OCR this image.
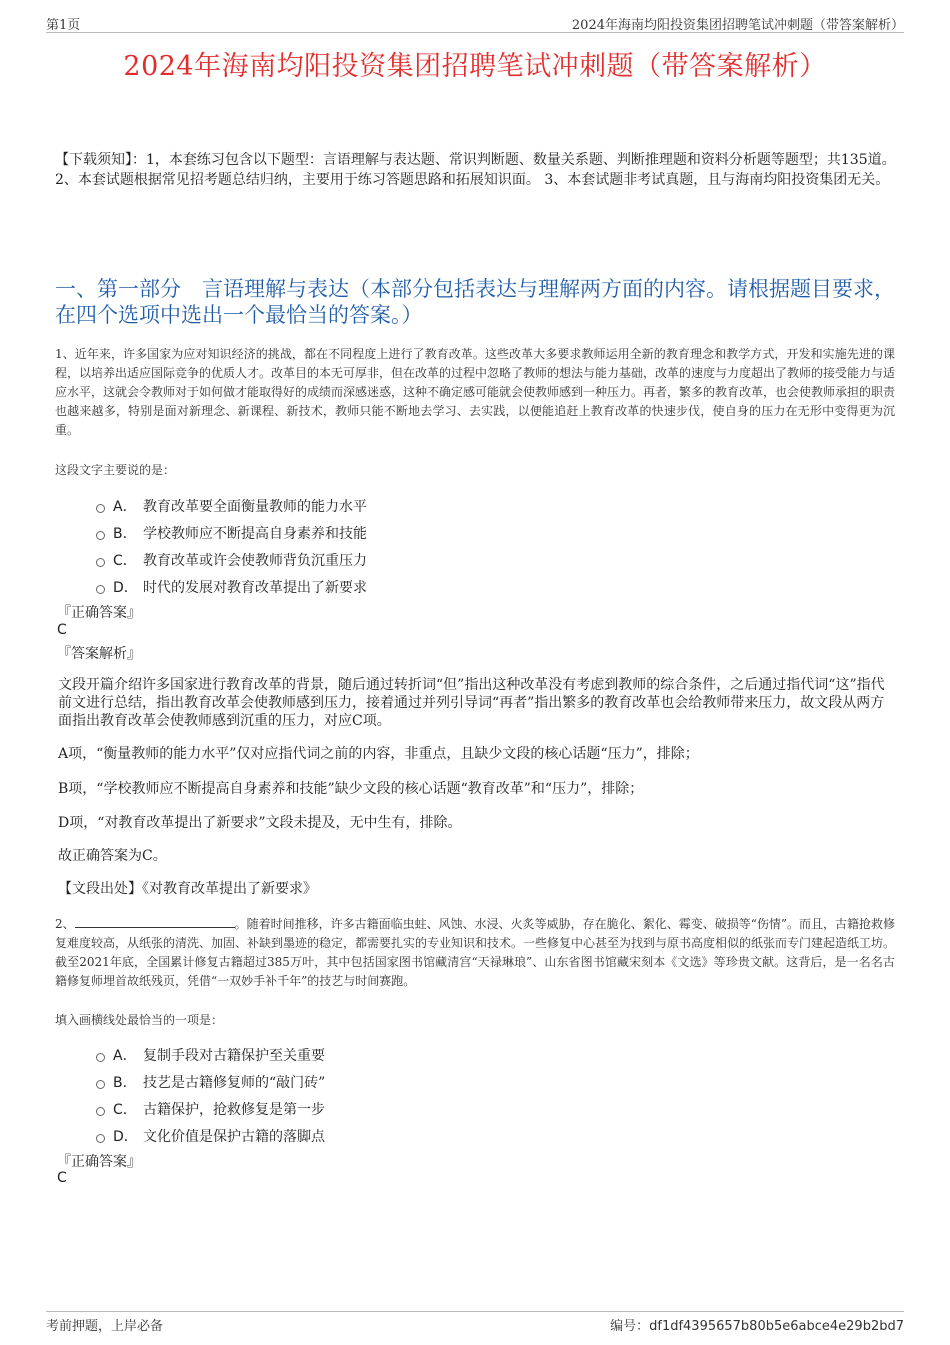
第1页	2024年海南均阳投资集团招聘笔试冲刺题（带答案解析）
2024年海南均阳投资集团招聘笔试冲刺题（带答案解析）
【下载须知】：1，本套练习包含以下题型：言语理解与表达题、常识判断题、数量关系题、判断推理题和资料分析题等题型；共135道。 2、本套试题根据常见招考题总结归纳，主要用于练习答题思路和拓展知识面。 3、本套试题非考试真题，且与海南均阳投资集团无关。
一、第一部分　言语理解与表达（本部分包括表达与理解两方面的内容。请根据题目要求，在四个选项中选出一个最恰当的答案。）
1、近年来，许多国家为应对知识经济的挑战，都在不同程度上进行了教育改革。这些改革大多要求教师运用全新的教育理念和教学方式，开发和实施先进的课程，以培养出适应国际竞争的优质人才。改革目的本无可厚非，但在改革的过程中忽略了教师的想法与能力基础，改革的速度与力度超出了教师的接受能力与适应水平，这就会令教师对于如何做才能取得好的成绩而深感迷惑，这种不确定感可能就会使教师感到一种压力。再者，繁多的教育改革，也会使教师承担的职责也越来越多，特别是面对新理念、新课程、新技术，教师只能不断地去学习、去实践，以便能追赶上教育改革的快速步伐，使自身的压力在无形中变得更为沉重。
这段文字主要说的是：
A． 教育改革要全面衡量教师的能力水平
B． 学校教师应不断提高自身素养和技能
C． 教育改革或许会使教师背负沉重压力
D． 时代的发展对教育改革提出了新要求
『正确答案』
C
『答案解析』
文段开篇介绍许多国家进行教育改革的背景，随后通过转折词“但”指出这种改革没有考虑到教师的综合条件，之后通过指代词“这”指代前文进行总结，指出教育改革会使教师感到压力，接着通过并列引导词“再者”指出繁多的教育改革也会给教师带来压力，故文段从两方面指出教育改革会使教师感到沉重的压力，对应C项。
A项，“衡量教师的能力水平”仅对应指代词之前的内容，非重点，且缺少文段的核心话题“压力”，排除；
B项，“学校教师应不断提高自身素养和技能”缺少文段的核心话题“教育改革”和“压力”，排除；
D项，“对教育改革提出了新要求”文段未提及，无中生有，排除。
故正确答案为C。
【文段出处】《对教育改革提出了新要求》
2、	。随着时间推移，许多古籍面临虫蛀、风蚀、水浸、火炙等威胁，存在脆化、絮化、霉变、破损等“伤情”。而且，古籍抢救修复难度较高，从纸张的清洗、加固、补缺到墨迹的稳定，都需要扎实的专业知识和技术。一些修复中心甚至为找到与原书高度相似的纸张而专门建起造纸工坊。截至2021年底，全国累计修复古籍超过385万叶，其中包括国家图书馆藏清宫“天禄琳琅”、山东省图书馆藏宋刻本《文选》等珍贵文献。这背后，是一名名古籍修复师埋首故纸残页，凭借“一双妙手补千年”的技艺与时间赛跑。
填入画横线处最恰当的一项是：
A． 复制手段对古籍保护至关重要
B． 技艺是古籍修复师的“敲门砖”
C． 古籍保护，抢救修复是第一步
D． 文化价值是保护古籍的落脚点
『正确答案』
C
考前押题，上岸必备	编号：df1df4395657b80b5e6abce4e29b2bd7
